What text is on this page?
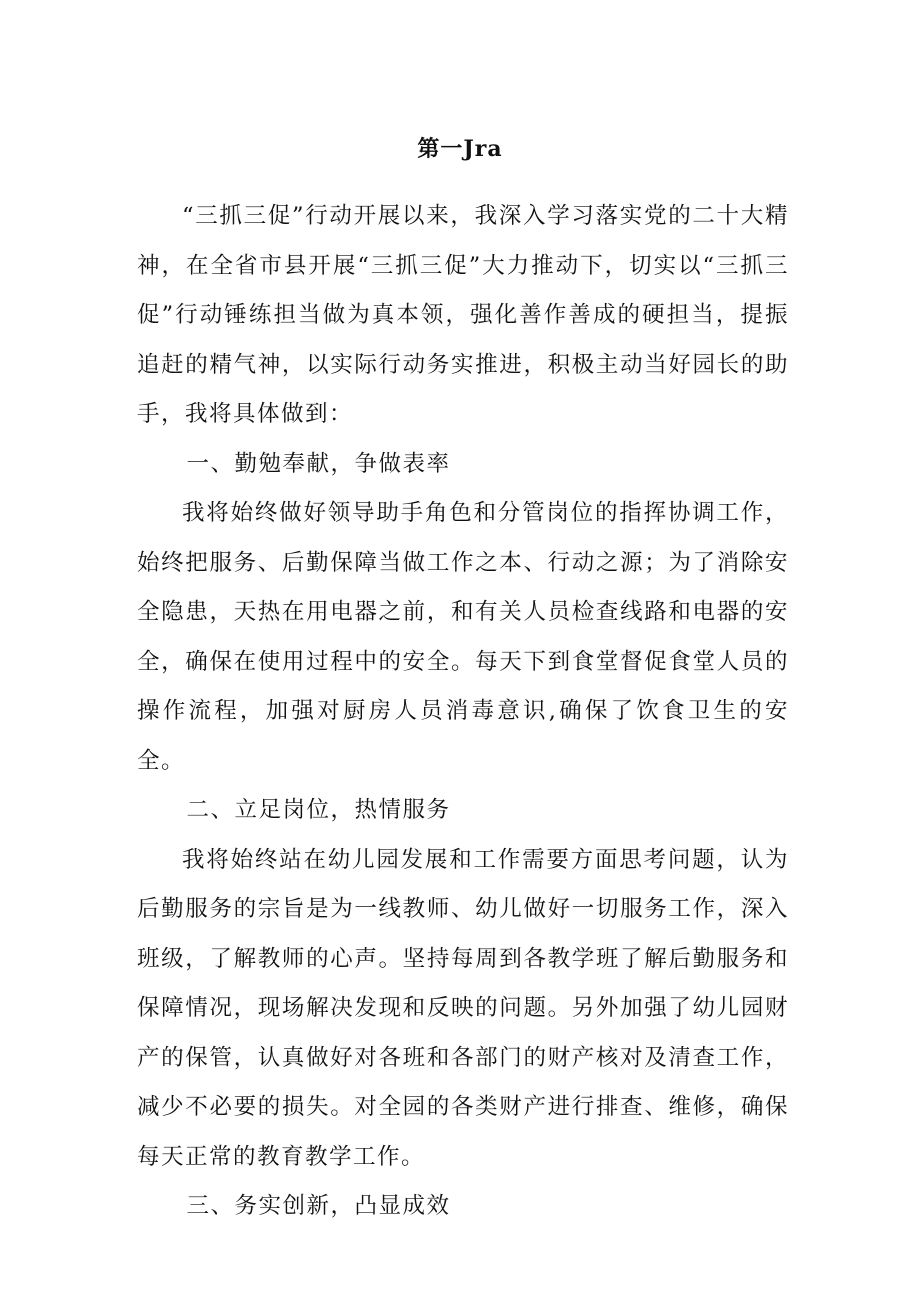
第一Jra

“三抓三促”行动开展以来，我深入学习落实党的二十大精神，在全省市县开展“三抓三促”大力推动下，切实以“三抓三促”行动锤练担当做为真本领，强化善作善成的硬担当，提振追赶的精气神，以实际行动务实推进，积极主动当好园长的助手，我将具体做到：

一、勤勉奉献，争做表率

我将始终做好领导助手角色和分管岗位的指挥协调工作，始终把服务、后勤保障当做工作之本、行动之源；为了消除安全隐患，天热在用电器之前，和有关人员检查线路和电器的安全，确保在使用过程中的安全。每天下到食堂督促食堂人员的操作流程，加强对厨房人员消毒意识,确保了饮食卫生的安全。

二、立足岗位，热情服务

我将始终站在幼儿园发展和工作需要方面思考问题，认为后勤服务的宗旨是为一线教师、幼儿做好一切服务工作，深入班级，了解教师的心声。坚持每周到各教学班了解后勤服务和保障情况，现场解决发现和反映的问题。另外加强了幼儿园财产的保管，认真做好对各班和各部门的财产核对及清查工作，减少不必要的损失。对全园的各类财产进行排查、维修，确保每天正常的教育教学工作。

三、务实创新，凸显成效
